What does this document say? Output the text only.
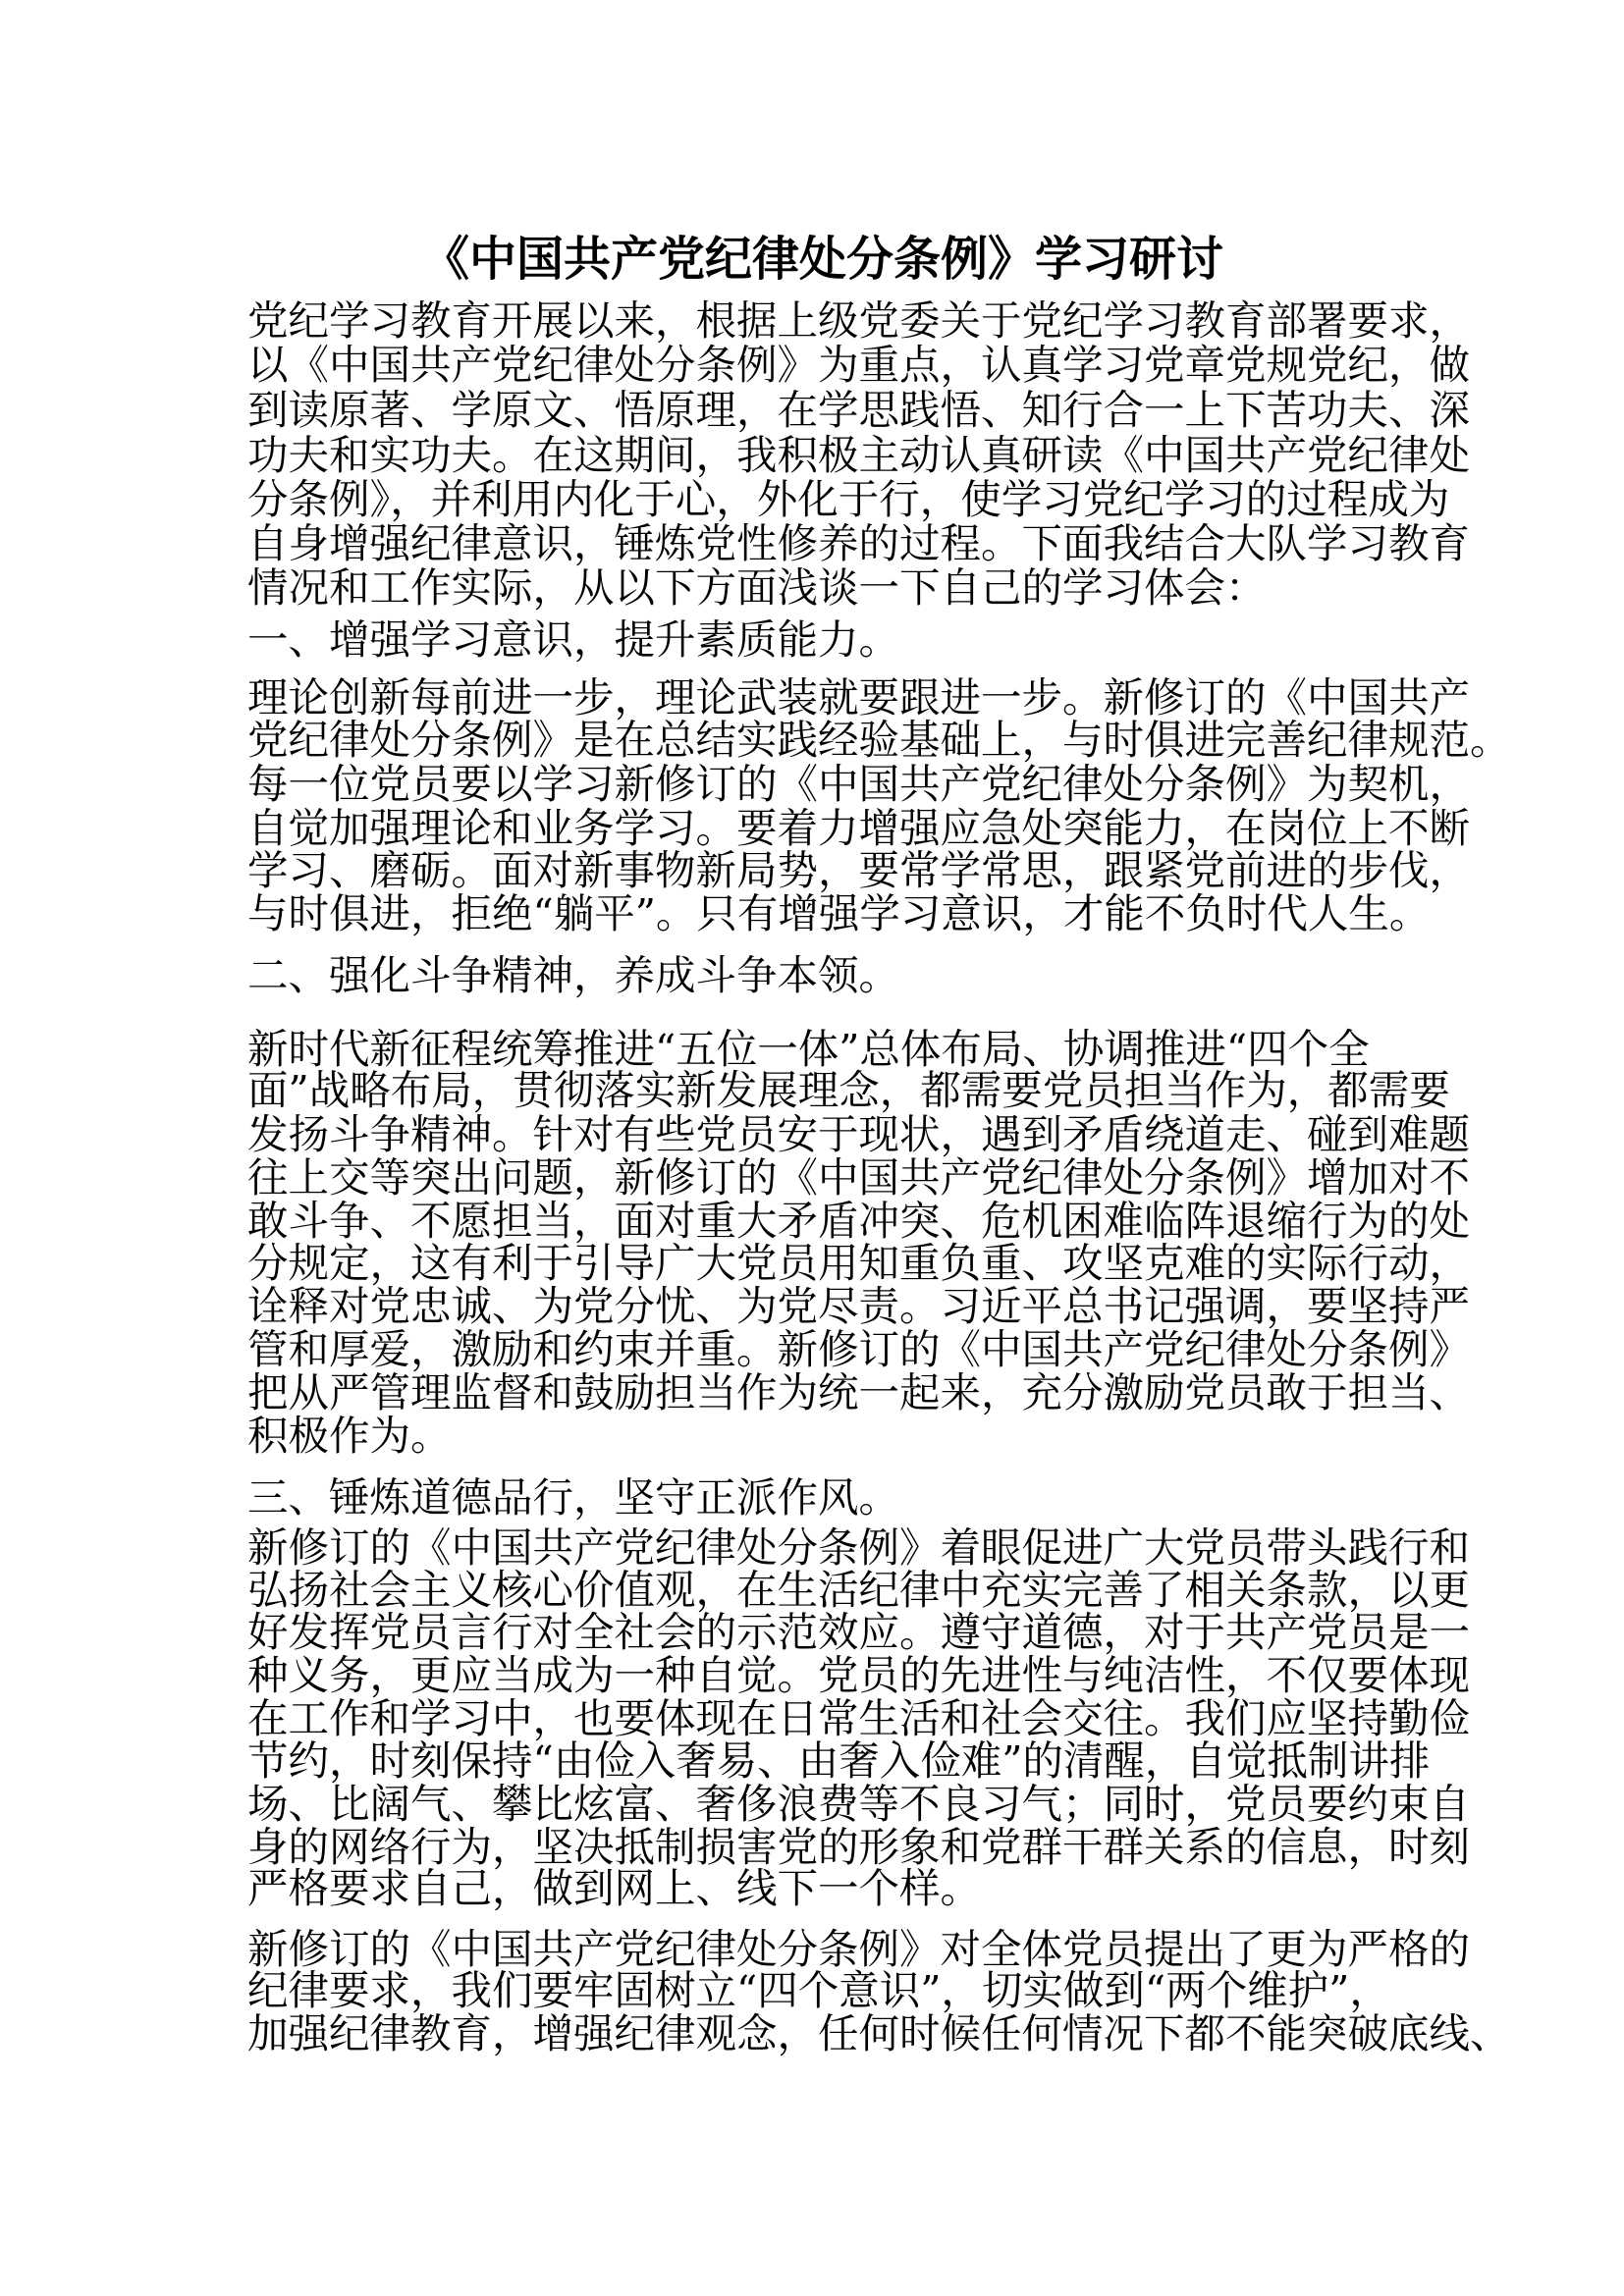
《中国共产党纪律处分条例》学习研讨
党纪学习教育开展以来，根据上级党委关于党纪学习教育部署要求，
以《中国共产党纪律处分条例》为重点，认真学习党章党规党纪，做
到读原著、学原文、悟原理，在学思践悟、知行合一上下苦功夫、深
功夫和实功夫。在这期间，我积极主动认真研读《中国共产党纪律处
分条例》，并利用内化于心，外化于行，使学习党纪学习的过程成为
自身增强纪律意识，锤炼党性修养的过程。下面我结合大队学习教育
情况和工作实际，从以下方面浅谈一下自己的学习体会：
一、增强学习意识，提升素质能力。
理论创新每前进一步，理论武装就要跟进一步。新修订的《中国共产
党纪律处分条例》是在总结实践经验基础上，与时俱进完善纪律规范。
每一位党员要以学习新修订的《中国共产党纪律处分条例》为契机，
自觉加强理论和业务学习。要着力增强应急处突能力，在岗位上不断
学习、磨砺。面对新事物新局势，要常学常思，跟紧党前进的步伐，
与时俱进，拒绝“躺平”。只有增强学习意识，才能不负时代人生。
二、强化斗争精神，养成斗争本领。
新时代新征程统筹推进“五位一体”总体布局、协调推进“四个全
面”战略布局，贯彻落实新发展理念，都需要党员担当作为，都需要
发扬斗争精神。针对有些党员安于现状，遇到矛盾绕道走、碰到难题
往上交等突出问题，新修订的《中国共产党纪律处分条例》增加对不
敢斗争、不愿担当，面对重大矛盾冲突、危机困难临阵退缩行为的处
分规定，这有利于引导广大党员用知重负重、攻坚克难的实际行动，
诠释对党忠诚、为党分忧、为党尽责。习近平总书记强调，要坚持严
管和厚爱，激励和约束并重。新修订的《中国共产党纪律处分条例》
把从严管理监督和鼓励担当作为统一起来，充分激励党员敢于担当、
积极作为。
三、锤炼道德品行，坚守正派作风。
新修订的《中国共产党纪律处分条例》着眼促进广大党员带头践行和
弘扬社会主义核心价值观，在生活纪律中充实完善了相关条款，以更
好发挥党员言行对全社会的示范效应。遵守道德，对于共产党员是一
种义务，更应当成为一种自觉。党员的先进性与纯洁性，不仅要体现
在工作和学习中，也要体现在日常生活和社会交往。我们应坚持勤俭
节约，时刻保持“由俭入奢易、由奢入俭难”的清醒，自觉抵制讲排
场、比阔气、攀比炫富、奢侈浪费等不良习气；同时，党员要约束自
身的网络行为，坚决抵制损害党的形象和党群干群关系的信息，时刻
严格要求自己，做到网上、线下一个样。
新修订的《中国共产党纪律处分条例》对全体党员提出了更为严格的
纪律要求，我们要牢固树立“四个意识”，切实做到“两个维护”，
加强纪律教育，增强纪律观念，任何时候任何情况下都不能突破底线、
